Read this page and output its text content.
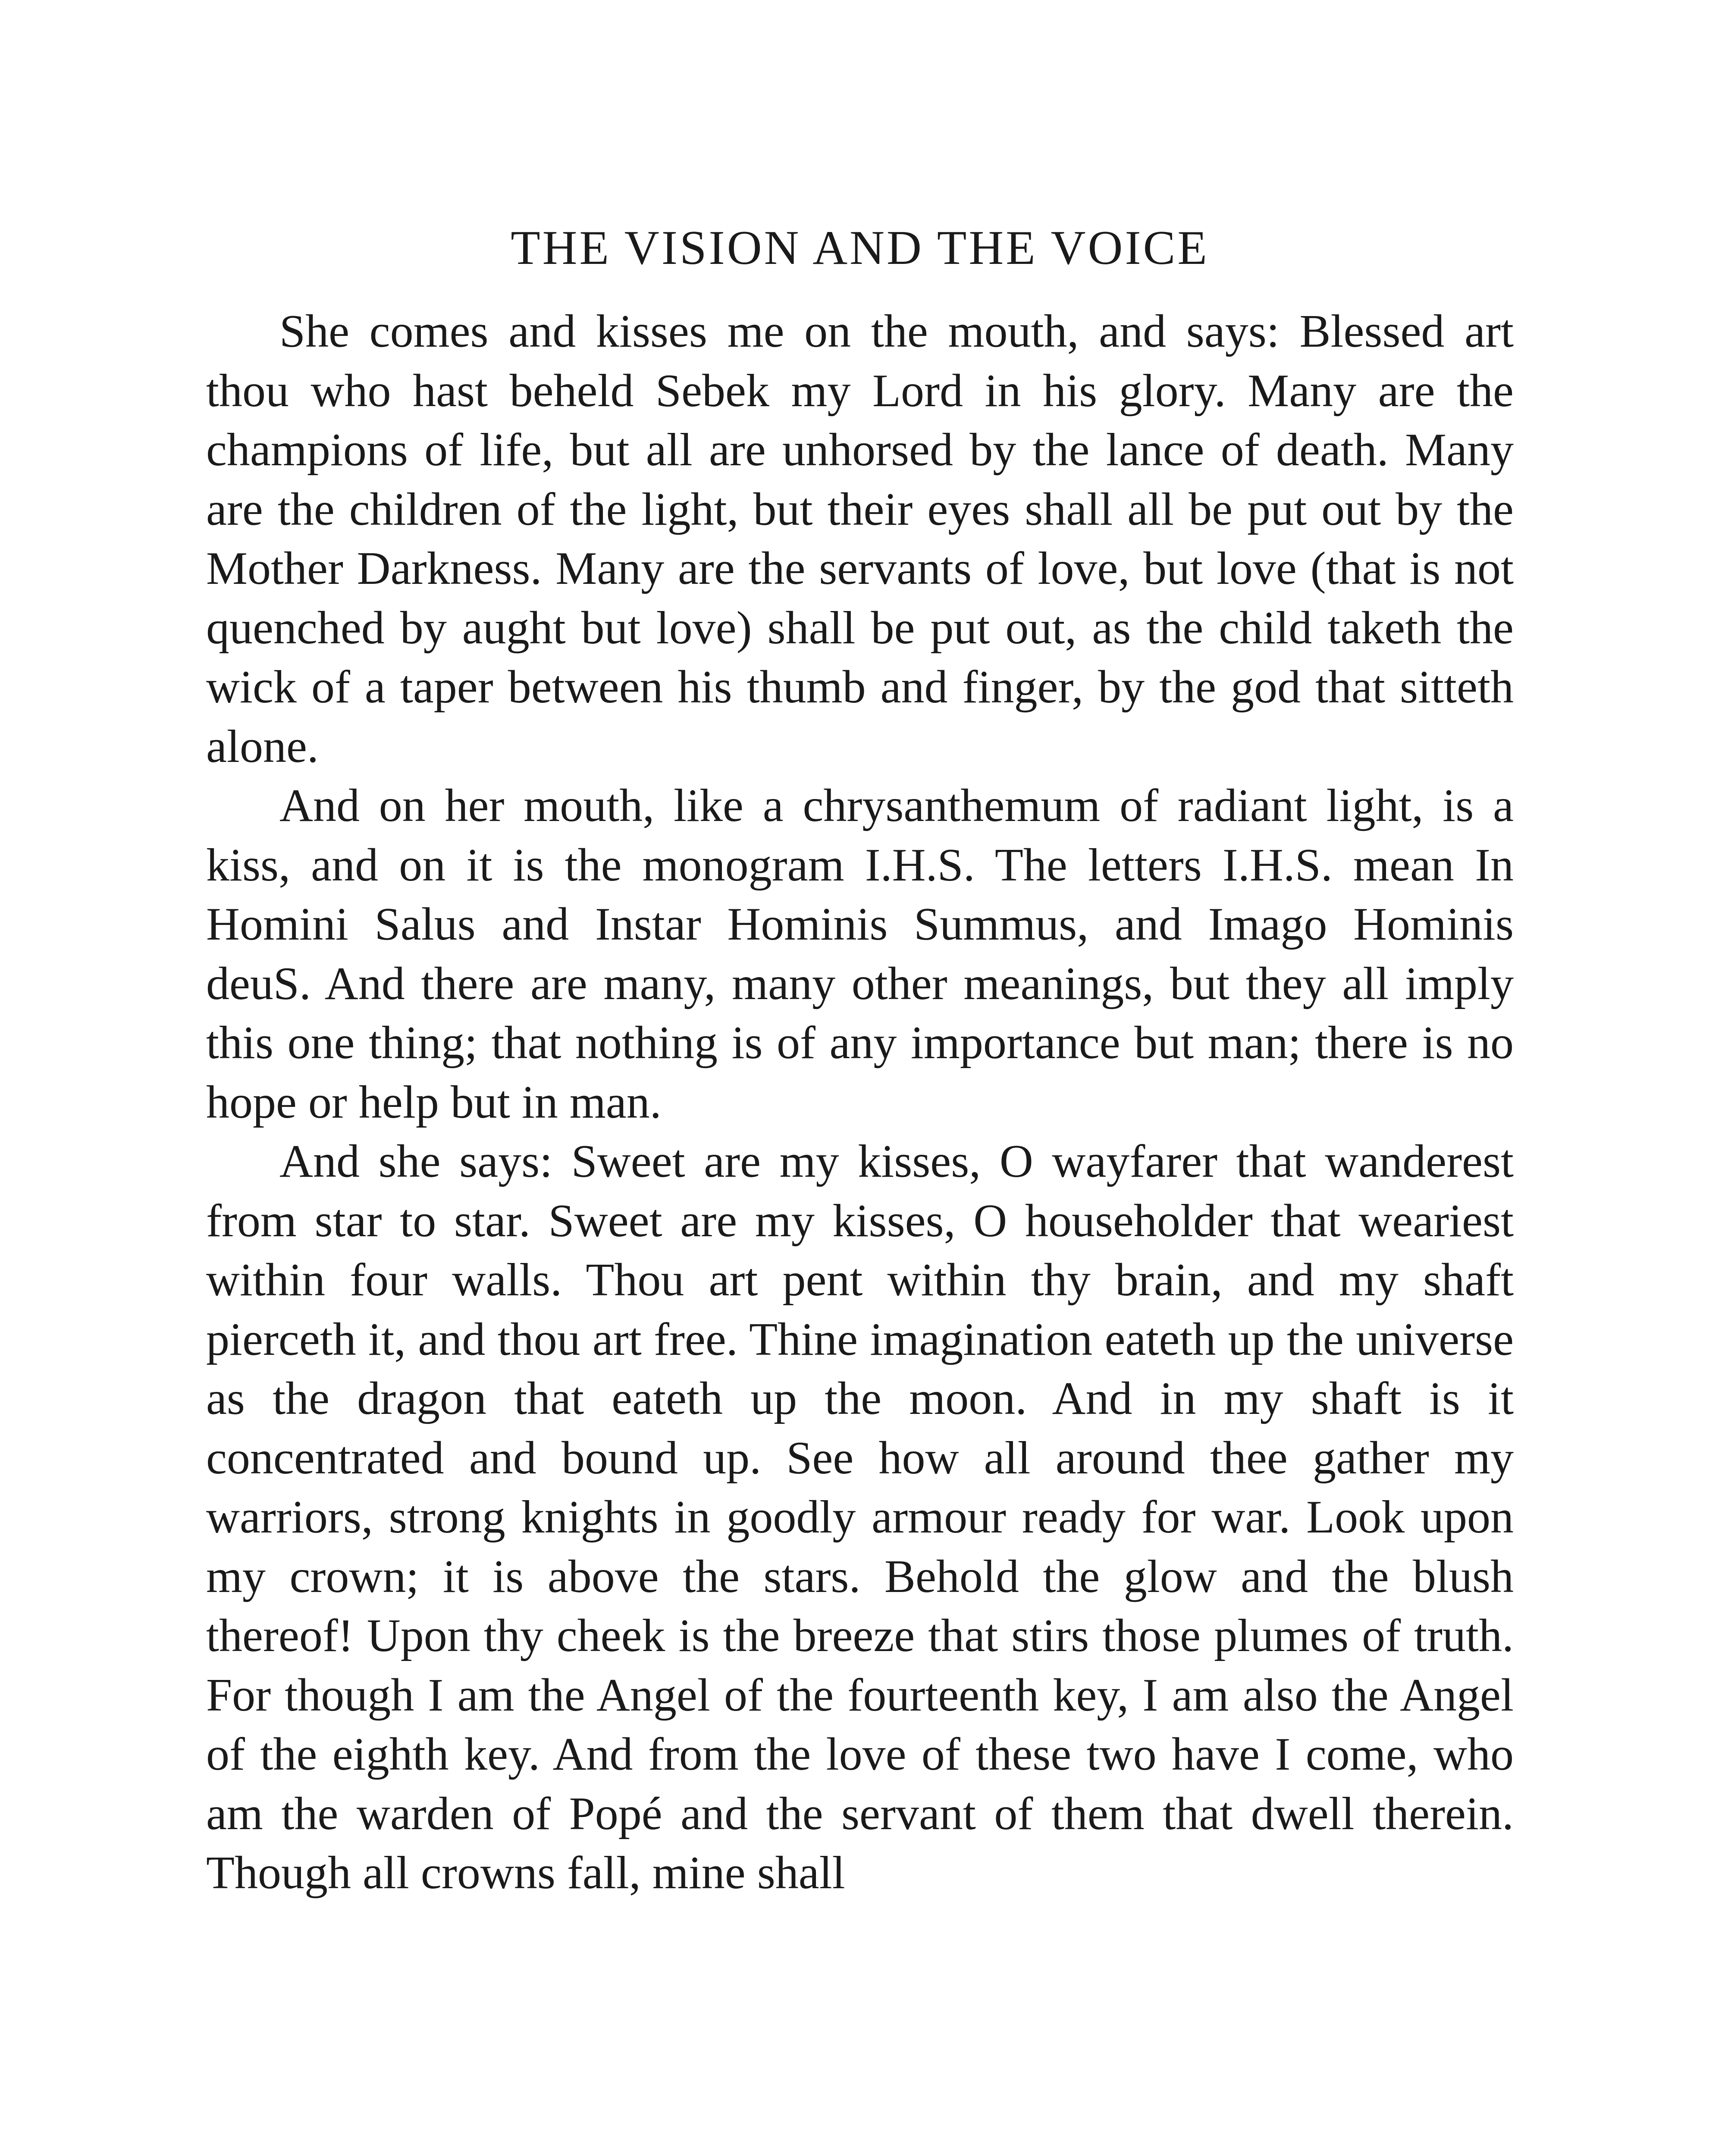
THE VISION AND THE VOICE

She comes and kisses me on the mouth, and says: Blessed art thou who hast beheld Sebek my Lord in his glory. Many are the champions of life, but all are unhorsed by the lance of death. Many are the children of the light, but their eyes shall all be put out by the Mother Darkness. Many are the servants of love, but love (that is not quenched by aught but love) shall be put out, as the child taketh the wick of a taper between his thumb and finger, by the god that sitteth alone.

And on her mouth, like a chrysanthemum of radiant light, is a kiss, and on it is the monogram I.H.S. The letters I.H.S. mean In Homini Salus and Instar Hominis Summus, and Imago Hominis deuS. And there are many, many other meanings, but they all imply this one thing; that nothing is of any importance but man; there is no hope or help but in man.

And she says: Sweet are my kisses, O wayfarer that wanderest from star to star. Sweet are my kisses, O householder that weariest within four walls. Thou art pent within thy brain, and my shaft pierceth it, and thou art free. Thine imagination eateth up the universe as the dragon that eateth up the moon. And in my shaft is it concentrated and bound up. See how all around thee gather my warriors, strong knights in goodly armour ready for war. Look upon my crown; it is above the stars. Behold the glow and the blush thereof! Upon thy cheek is the breeze that stirs those plumes of truth. For though I am the Angel of the fourteenth key, I am also the Angel of the eighth key. And from the love of these two have I come, who am the warden of Popé and the servant of them that dwell therein. Though all crowns fall, mine shall
